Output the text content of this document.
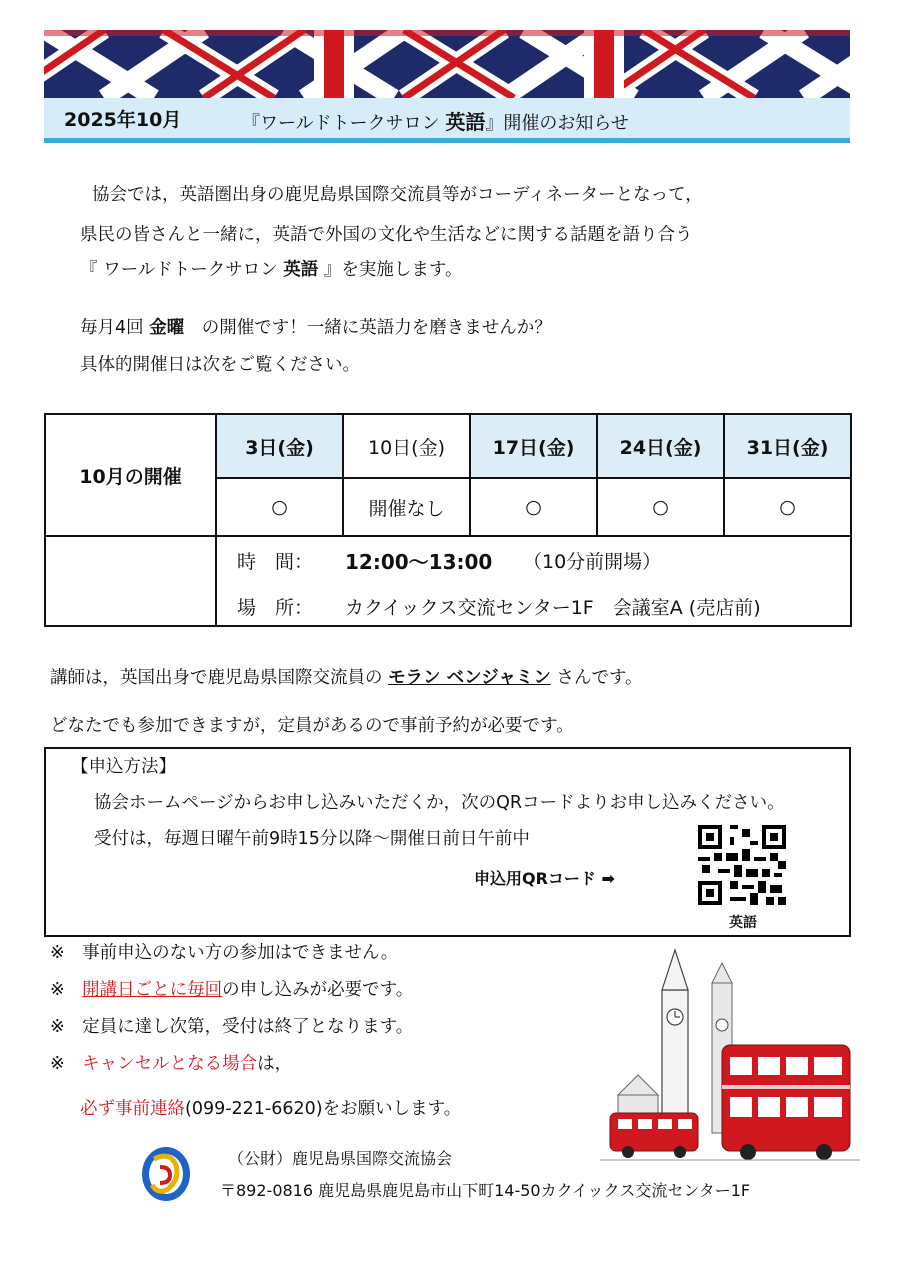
2025年10月	『ワールドトークサロン 英語』開催のお知らせ
協会では，英語圏出身の鹿児島県国際交流員等がコーディネーターとなって，
県民の皆さんと一緒に，英語で外国の文化や生活などに関する話題を語り合う
『 ワールドトークサロン 英語 』を実施します。
毎月4回 金曜　の開催です！一緒に英語力を磨きませんか？
具体的開催日は次をご覧ください。
10月の開催	3日(金)	10日(金)	17日(金)	24日(金)	31日(金)
	○	開催なし	○	○	○

	時　間： 12:00～13:00 （10分前開場）
場　所： カクイックス交流センター1F　会議室A (売店前)				
講師は，英国出身で鹿児島県国際交流員の モラン ベンジャミン さんです。
どなたでも参加できますが，定員があるので事前予約が必要です。
【申込方法】
協会ホームページからお申し込みいただくか，次のQRコードよりお申し込みください。
受付は，毎週日曜午前9時15分以降～開催日前日午前中
申込用QRコード ➡
英語
※　 事前申込のない方の参加はできません。
※　 開講日ごとに毎回の申し込みが必要です。
※　 定員に達し次第，受付は終了となります。
※　 キャンセルとなる場合は，
必ず事前連絡(099-221-6620)をお願いします。
（公財）鹿児島県国際交流協会
〒892-0816 鹿児島県鹿児島市山下町14-50カクイックス交流センター1F
